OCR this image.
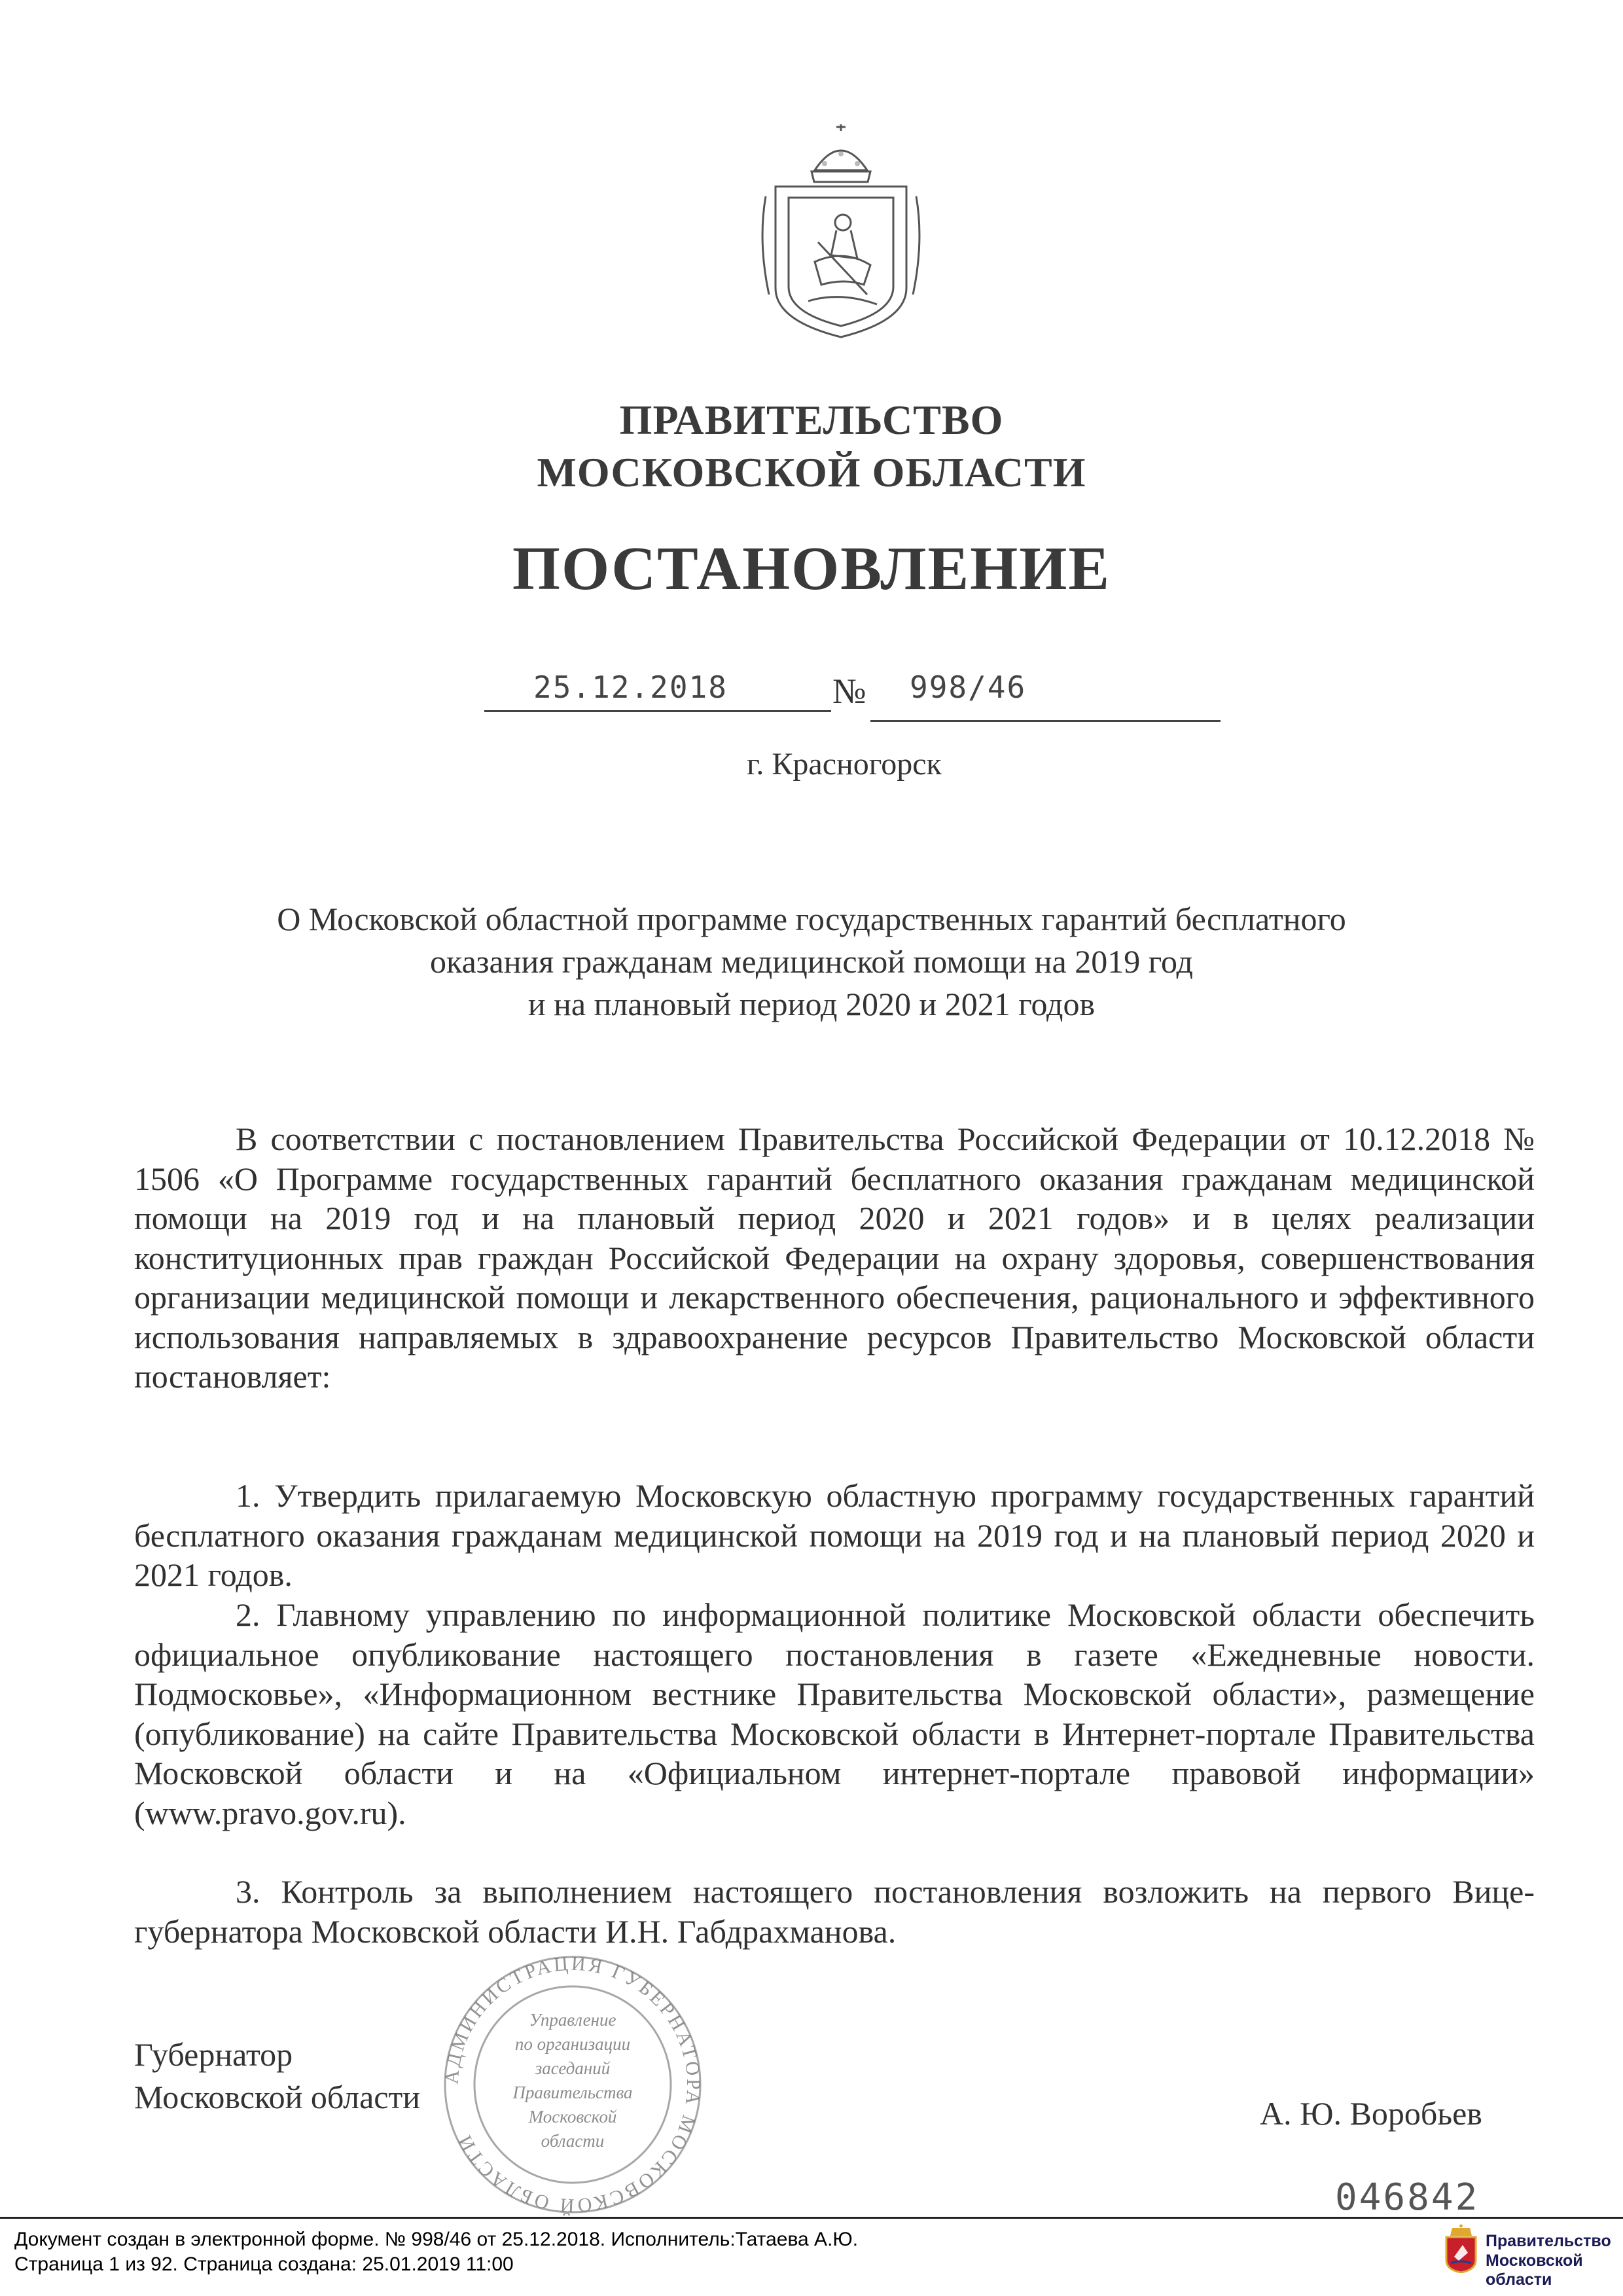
ПРАВИТЕЛЬСТВО
МОСКОВСКОЙ ОБЛАСТИ
ПОСТАНОВЛЕНИЕ
25.12.2018	№ 998/46
г. Красногорск
О Московской областной программе государственных гарантий бесплатного
оказания гражданам медицинской помощи на 2019 год
и на плановый период 2020 и 2021 годов
В соответствии с постановлением Правительства Российской Федерации от 10.12.2018 № 1506 «О Программе государственных гарантий бесплатного оказания гражданам медицинской помощи на 2019 год и на плановый период 2020 и 2021 годов» и в целях реализации конституционных прав граждан Российской Федерации на охрану здоровья, совершенствования организации медицинской помощи и лекарственного обеспечения, рационального и эффективного использования направляемых в здравоохранение ресурсов Правительство Московской области постановляет:
1. Утвердить прилагаемую Московскую областную программу государственных гарантий бесплатного оказания гражданам медицинской помощи на 2019 год и на плановый период 2020 и 2021 годов.
2. Главному управлению по информационной политике Московской области обеспечить официальное опубликование настоящего постановления в газете «Ежедневные новости. Подмосковье», «Информационном вестнике Правительства Московской области», размещение (опубликование) на сайте Правительства Московской области в Интернет-портале Правительства Московской области и на «Официальном интернет-портале правовой информации» (www.pravo.gov.ru).
3. Контроль за выполнением настоящего постановления возложить на первого Вице-губернатора Московской области И.Н. Габдрахманова.
АДМИНИСТРАЦИЯ ГУБЕРНАТОРА МОСКОВСКОЙ ОБЛАСТИ
Управление
по организации
заседаний
Правительства
Московской
области
Губернатор
Московской области	А. Ю. Воробьев
046842
Документ создан в электронной форме. № 998/46 от 25.12.2018. Исполнитель:Татаева А.Ю.
Страница 1 из 92. Страница создана: 25.01.2019 11:00
Правительство
Московской области
